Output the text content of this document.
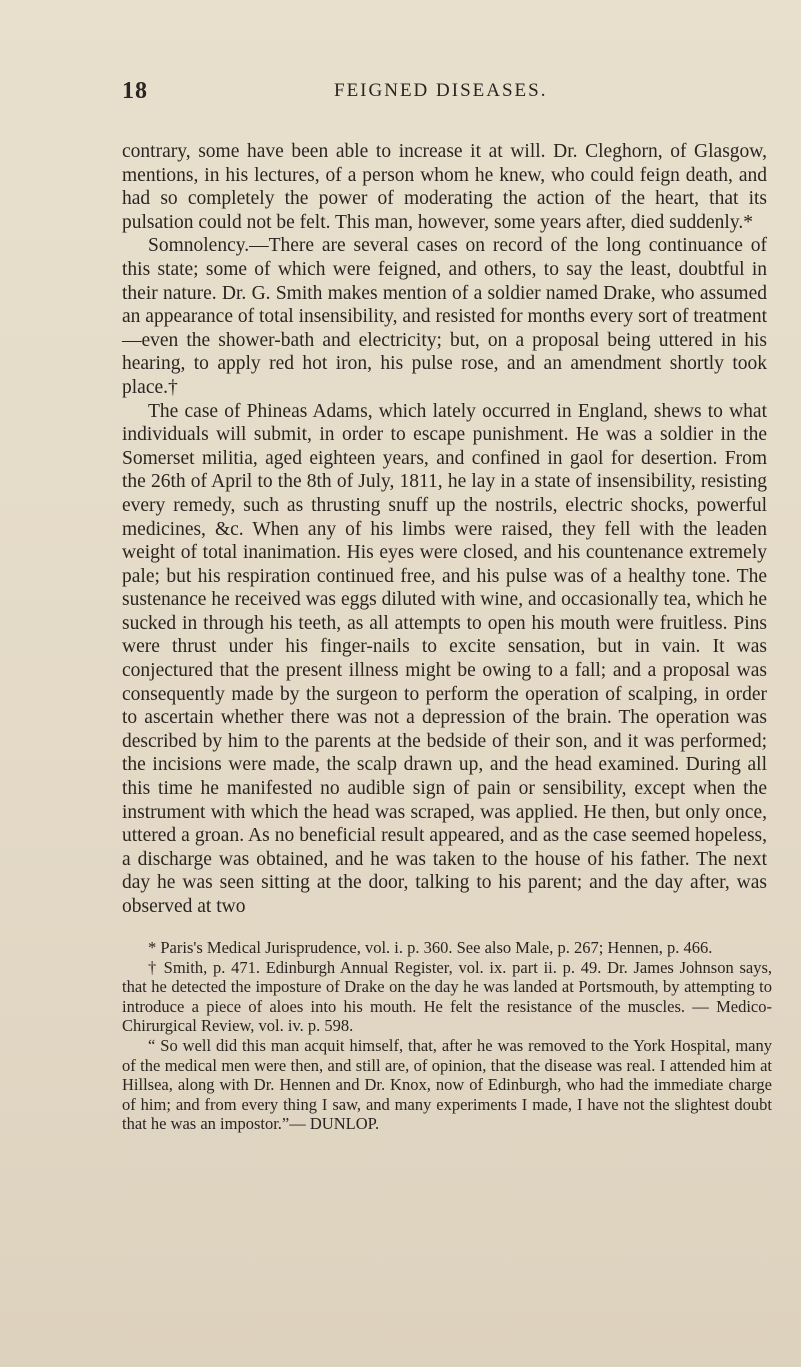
18	FEIGNED DISEASES.

contrary, some have been able to increase it at will. Dr. Cleghorn, of Glasgow, mentions, in his lectures, of a person whom he knew, who could feign death, and had so completely the power of moderating the action of the heart, that its pulsation could not be felt. This man, however, some years after, died suddenly.*

Somnolency.—There are several cases on record of the long continuance of this state; some of which were feigned, and others, to say the least, doubtful in their nature. Dr. G. Smith makes mention of a soldier named Drake, who assumed an appearance of total insensibility, and resisted for months every sort of treatment—even the shower-bath and electricity; but, on a proposal being uttered in his hearing, to apply red hot iron, his pulse rose, and an amendment shortly took place.†

The case of Phineas Adams, which lately occurred in England, shews to what individuals will submit, in order to escape punishment. He was a soldier in the Somerset militia, aged eighteen years, and confined in gaol for desertion. From the 26th of April to the 8th of July, 1811, he lay in a state of insensibility, resisting every remedy, such as thrusting snuff up the nostrils, electric shocks, powerful medicines, &c. When any of his limbs were raised, they fell with the leaden weight of total inanimation. His eyes were closed, and his countenance extremely pale; but his respiration continued free, and his pulse was of a healthy tone. The sustenance he received was eggs diluted with wine, and occasionally tea, which he sucked in through his teeth, as all attempts to open his mouth were fruitless. Pins were thrust under his finger-nails to excite sensation, but in vain. It was conjectured that the present illness might be owing to a fall; and a proposal was consequently made by the surgeon to perform the operation of scalping, in order to ascertain whether there was not a depression of the brain. The operation was described by him to the parents at the bedside of their son, and it was performed; the incisions were made, the scalp drawn up, and the head examined. During all this time he manifested no audible sign of pain or sensibility, except when the instrument with which the head was scraped, was applied. He then, but only once, uttered a groan. As no beneficial result appeared, and as the case seemed hopeless, a discharge was obtained, and he was taken to the house of his father. The next day he was seen sitting at the door, talking to his parent; and the day after, was observed at two

* Paris's Medical Jurisprudence, vol. i. p. 360. See also Male, p. 267; Hennen, p. 466.

† Smith, p. 471. Edinburgh Annual Register, vol. ix. part ii. p. 49. Dr. James Johnson says, that he detected the imposture of Drake on the day he was landed at Portsmouth, by attempting to introduce a piece of aloes into his mouth. He felt the resistance of the muscles. — Medico-Chirurgical Review, vol. iv. p. 598.

“ So well did this man acquit himself, that, after he was removed to the York Hospital, many of the medical men were then, and still are, of opinion, that the disease was real. I attended him at Hillsea, along with Dr. Hennen and Dr. Knox, now of Edinburgh, who had the immediate charge of him; and from every thing I saw, and many experiments I made, I have not the slightest doubt that he was an impostor.”— DUNLOP.
